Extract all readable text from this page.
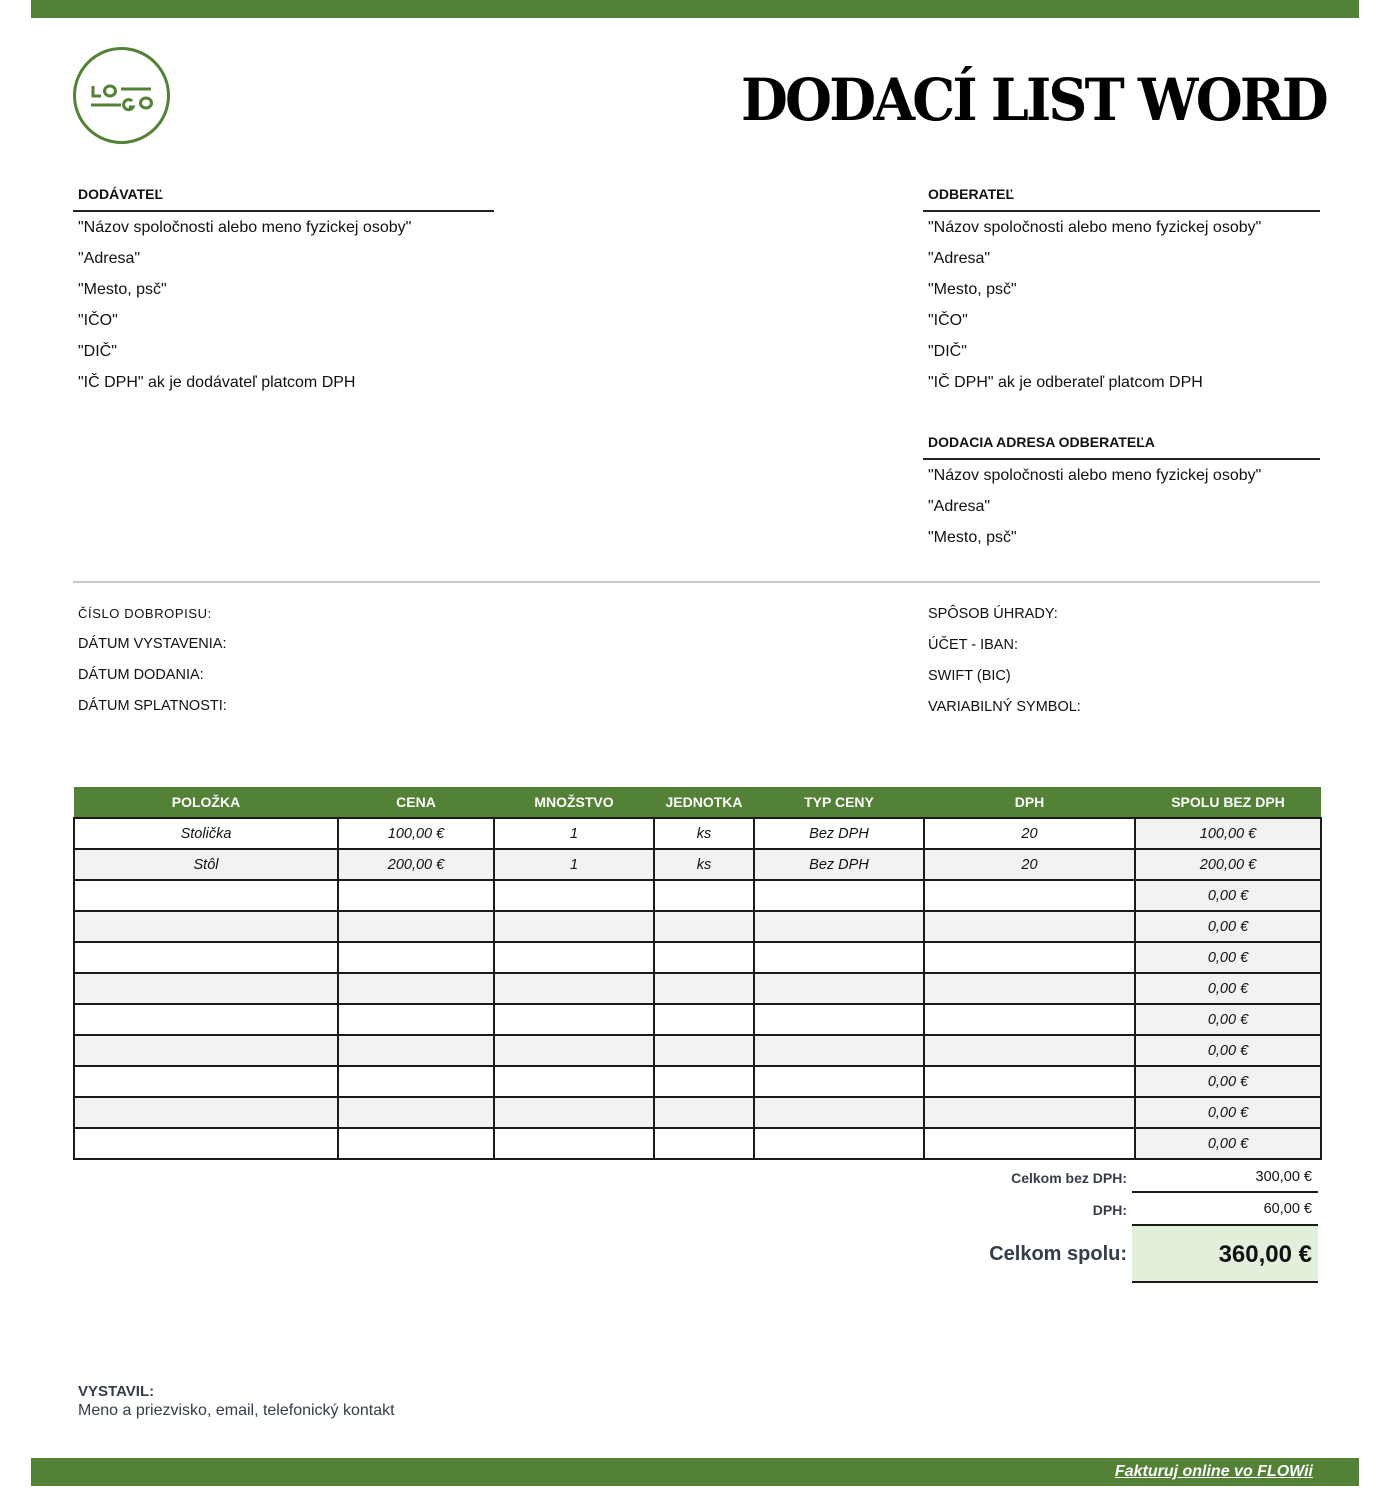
DODACÍ LIST WORD
DODÁVATEĽ
"Názov spoločnosti alebo meno fyzickej osoby"
"Adresa"
"Mesto, psč"
"IČO"
"DIČ"
"IČ DPH" ak je dodávateľ platcom DPH
ODBERATEĽ
"Názov spoločnosti alebo meno fyzickej osoby"
"Adresa"
"Mesto, psč"
"IČO"
"DIČ"
"IČ DPH" ak je odberateľ platcom DPH
DODACIA ADRESA ODBERATEĽA
"Názov spoločnosti alebo meno fyzickej osoby"
"Adresa"
"Mesto, psč"
ČÍSLO DOBROPISU:
DÁTUM VYSTAVENIA:
DÁTUM DODANIA:
DÁTUM SPLATNOSTI:
SPÔSOB ÚHRADY:
ÚČET - IBAN:
SWIFT (BIC)
VARIABILNÝ SYMBOL:
POLOŽKA	CENA	MNOŽSTVO	JEDNOTKA	TYP CENY	DPH	SPOLU BEZ DPH
Stolička	100,00 €	1	ks	Bez DPH	20	100,00 €
Stôl	200,00 €	1	ks	Bez DPH	20	200,00 €
						0,00 €
						0,00 €
						0,00 €
						0,00 €
						0,00 €
						0,00 €
						0,00 €
						0,00 €
						0,00 €
Celkom bez DPH:	300,00 €
DPH:	60,00 €
Celkom spolu:	360,00 €
VYSTAVIL:
Meno a priezvisko, email, telefonický kontakt
Fakturuj online vo FLOWii
